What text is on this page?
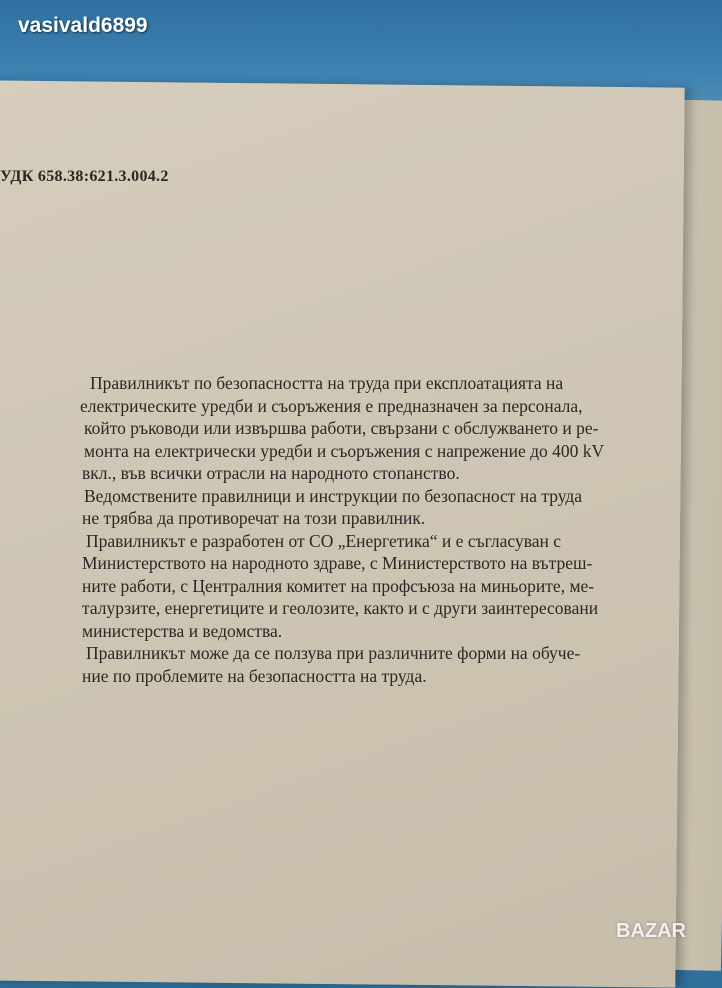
vasivald6899
УДК 658.38:621.3.004.2
Правилникът по безопасността на труда при експлоатацията на
електрическите уредби и съоръжения е предназначен за персонала,
който ръководи или извършва работи, свързани с обслужването и ре-
монта на електрически уредби и съоръжения с напрежение до 400 kV
вкл., във всички отрасли на народното стопанство.
Ведомствените правилници и инструкции по безопасност на труда
не трябва да противоречат на този правилник.
Правилникът е разработен от СО „Енергетика“ и е съгласуван с
Министерството на народното здраве, с Министерството на вътреш-
ните работи, с Централния комитет на профсъюза на миньорите, ме-
талурзите, енергетиците и геолозите, както и с други заинтересовани
министерства и ведомства.
Правилникът може да се ползува при различните форми на обуче-
ние по проблемите на безопасността на труда.
BAZAR
